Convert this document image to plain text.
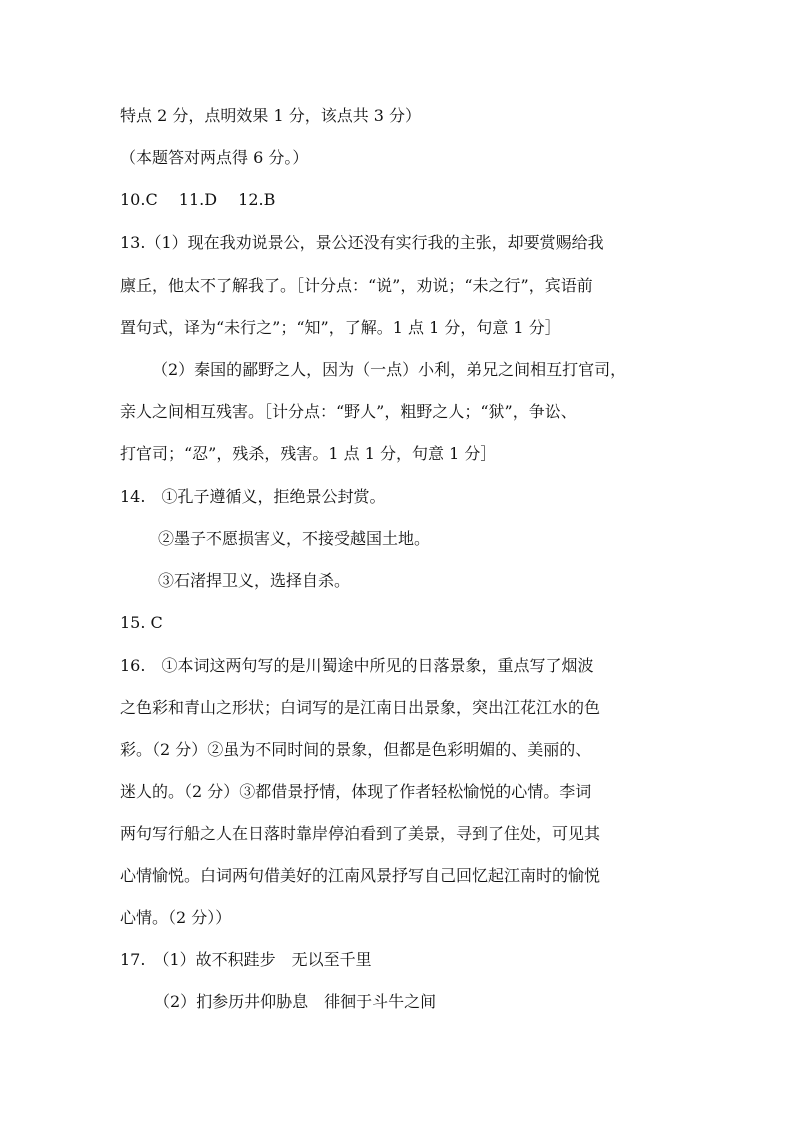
特点 2 分，点明效果 1 分，该点共 3 分）
（本题答对两点得 6 分。）
10.C　 11.D　 12.B
13.（1）现在我劝说景公，景公还没有实行我的主张，却要赏赐给我
廪丘，他太不了解我了。［计分点：“说”，劝说；“未之行”，宾语前
置句式，译为“未行之”；“知”，了解。1 点 1 分，句意 1 分］
（2）秦国的鄙野之人，因为（一点）小利，弟兄之间相互打官司，
亲人之间相互残害。［计分点：“野人”，粗野之人；“狱”，争讼、
打官司；“忍”，残杀，残害。1 点 1 分，句意 1 分］
14.　①孔子遵循义，拒绝景公封赏。
②墨子不愿损害义，不接受越国土地。
③石渚捍卫义，选择自杀。
15. C
16.　①本词这两句写的是川蜀途中所见的日落景象，重点写了烟波
之色彩和青山之形状；白词写的是江南日出景象，突出江花江水的色
彩。（2 分）②虽为不同时间的景象，但都是色彩明媚的、美丽的、
迷人的。（2 分）③都借景抒情，体现了作者轻松愉悦的心情。李词
两句写行船之人在日落时靠岸停泊看到了美景，寻到了住处，可见其
心情愉悦。白词两句借美好的江南风景抒写自己回忆起江南时的愉悦
心情。（2 分））
17.　（1）故不积跬步　无以至千里
（2）扪参历井仰胁息　徘徊于斗牛之间
